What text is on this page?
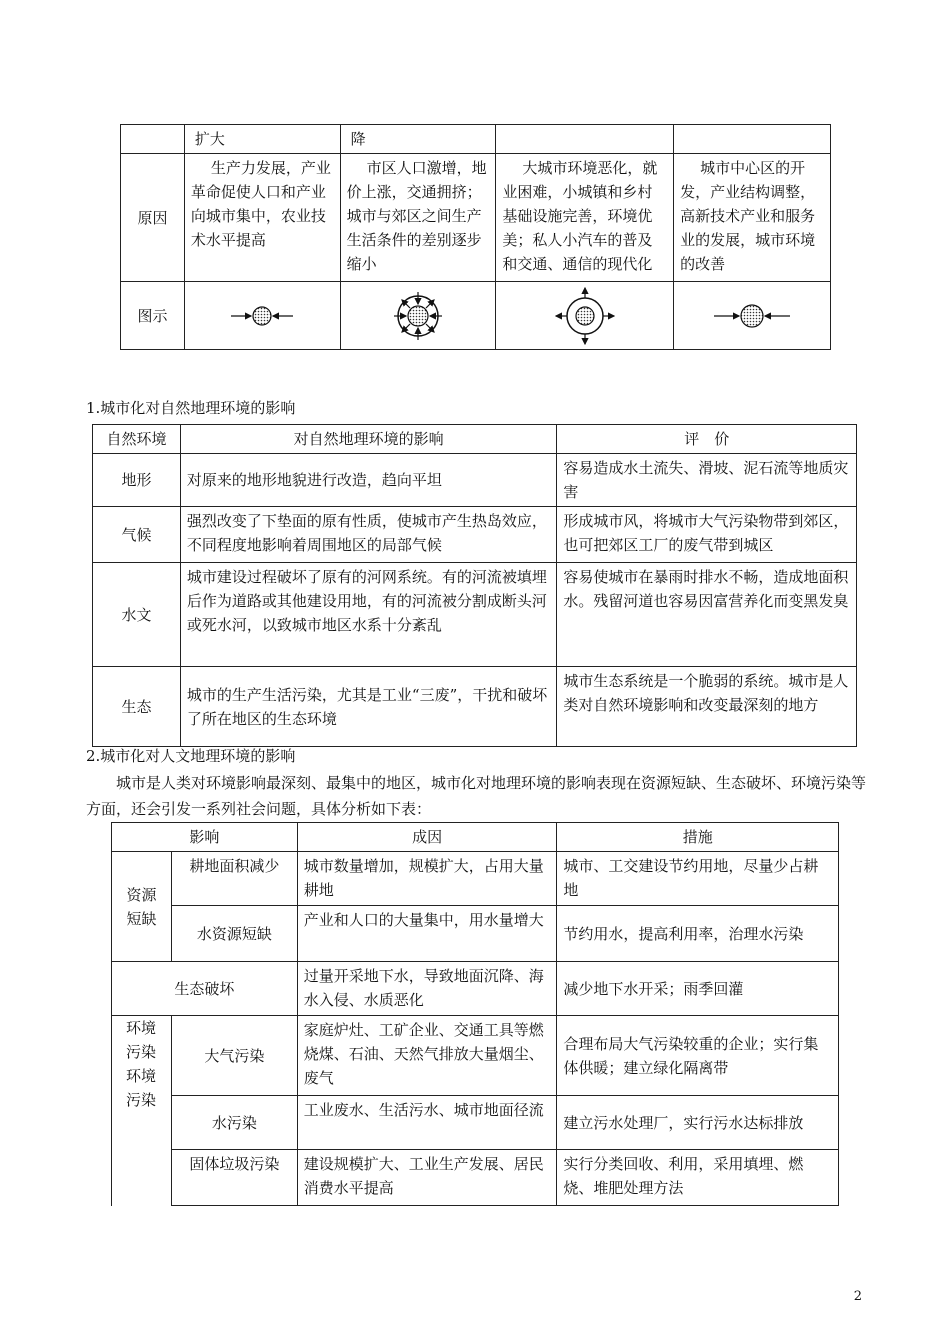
	扩大	降		
原因	生产力发展，产业革命促使人口和产业向城市集中，农业技术水平提高	市区人口激增，地价上涨，交通拥挤；城市与郊区之间生产生活条件的差别逐步缩小	大城市环境恶化，就业困难，小城镇和乡村基础设施完善，环境优美；私人小汽车的普及和交通、通信的现代化	城市中心区的开发，产业结构调整，高新技术产业和服务业的发展，城市环境的改善
图示	

1.城市化对自然地理环境的影响
自然环境	对自然地理环境的影响	评　价
地形	对原来的地形地貌进行改造，趋向平坦	容易造成水土流失、滑坡、泥石流等地质灾害
气候	强烈改变了下垫面的原有性质，使城市产生热岛效应，不同程度地影响着周围地区的局部气候	形成城市风，将城市大气污染物带到郊区，也可把郊区工厂的废气带到城区
水文	城市建设过程破坏了原有的河网系统。有的河流被填埋后作为道路或其他建设用地，有的河流被分割成断头河或死水河，以致城市地区水系十分紊乱	容易使城市在暴雨时排水不畅，造成地面积水。残留河道也容易因富营养化而变黑发臭
生态	城市的生产生活污染，尤其是工业“三废”，干扰和破坏了所在地区的生态环境	城市生态系统是一个脆弱的系统。城市是人类对自然环境影响和改变最深刻的地方
2.城市化对人文地理环境的影响
城市是人类对环境影响最深刻、最集中的地区，城市化对地理环境的影响表现在资源短缺、生态破坏、环境污染等方面，还会引发一系列社会问题，具体分析如下表：
影响		成因	措施
资源短缺	耕地面积减少	城市数量增加，规模扩大，占用大量耕地	城市、工交建设节约用地，尽量少占耕地
	水资源短缺	产业和人口的大量集中，用水量增大	节约用水，提高利用率，治理水污染
生态破坏		过量开采地下水，导致地面沉降、海水入侵、水质恶化	减少地下水开采；雨季回灌
环境污染环境污染	大气污染	家庭炉灶、工矿企业、交通工具等燃烧煤、石油、天然气排放大量烟尘、废气	合理布局大气污染较重的企业；实行集体供暖；建立绿化隔离带
	水污染	工业废水、生活污水、城市地面径流	建立污水处理厂，实行污水达标排放
	固体垃圾污染	建设规模扩大、工业生产发展、居民消费水平提高	实行分类回收、利用，采用填埋、燃烧、堆肥处理方法
2
